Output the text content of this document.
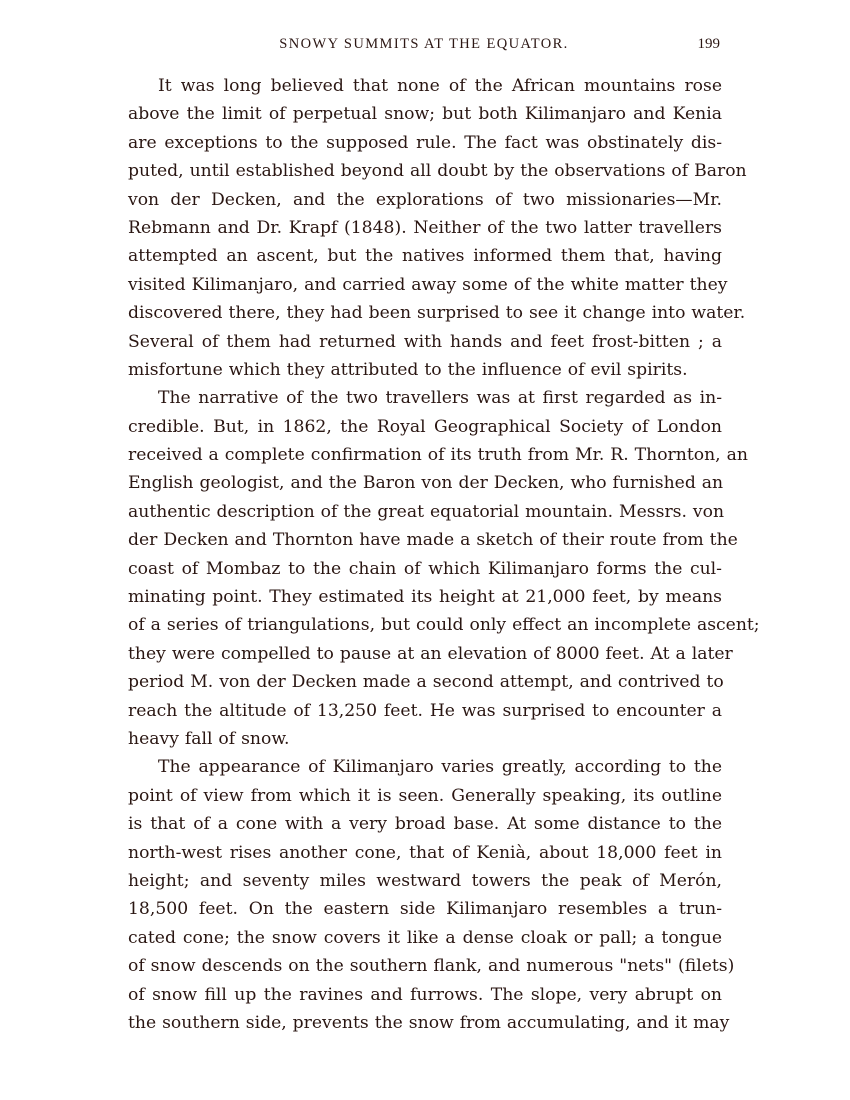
SNOWY SUMMITS AT THE EQUATOR.	199
It was long believed that none of the African mountains rose
above the limit of perpetual snow; but both Kilimanjaro and Kenia
are exceptions to the supposed rule. The fact was obstinately dis-
puted, until established beyond all doubt by the observations of Baron
von der Decken, and the explorations of two missionaries—Mr.
Rebmann and Dr. Krapf (1848). Neither of the two latter travellers
attempted an ascent, but the natives informed them that, having
visited Kilimanjaro, and carried away some of the white matter they
discovered there, they had been surprised to see it change into water.
Several of them had returned with hands and feet frost-bitten ; a
misfortune which they attributed to the influence of evil spirits.
The narrative of the two travellers was at first regarded as in-
credible. But, in 1862, the Royal Geographical Society of London
received a complete confirmation of its truth from Mr. R. Thornton, an
English geologist, and the Baron von der Decken, who furnished an
authentic description of the great equatorial mountain. Messrs. von
der Decken and Thornton have made a sketch of their route from the
coast of Mombaz to the chain of which Kilimanjaro forms the cul-
minating point. They estimated its height at 21,000 feet, by means
of a series of triangulations, but could only effect an incomplete ascent;
they were compelled to pause at an elevation of 8000 feet. At a later
period M. von der Decken made a second attempt, and contrived to
reach the altitude of 13,250 feet. He was surprised to encounter a
heavy fall of snow.
The appearance of Kilimanjaro varies greatly, according to the
point of view from which it is seen. Generally speaking, its outline
is that of a cone with a very broad base. At some distance to the
north-west rises another cone, that of Kenià, about 18,000 feet in
height; and seventy miles westward towers the peak of Merón,
18,500 feet. On the eastern side Kilimanjaro resembles a trun-
cated cone; the snow covers it like a dense cloak or pall; a tongue
of snow descends on the southern flank, and numerous "nets" (filets)
of snow fill up the ravines and furrows. The slope, very abrupt on
the southern side, prevents the snow from accumulating, and it may
